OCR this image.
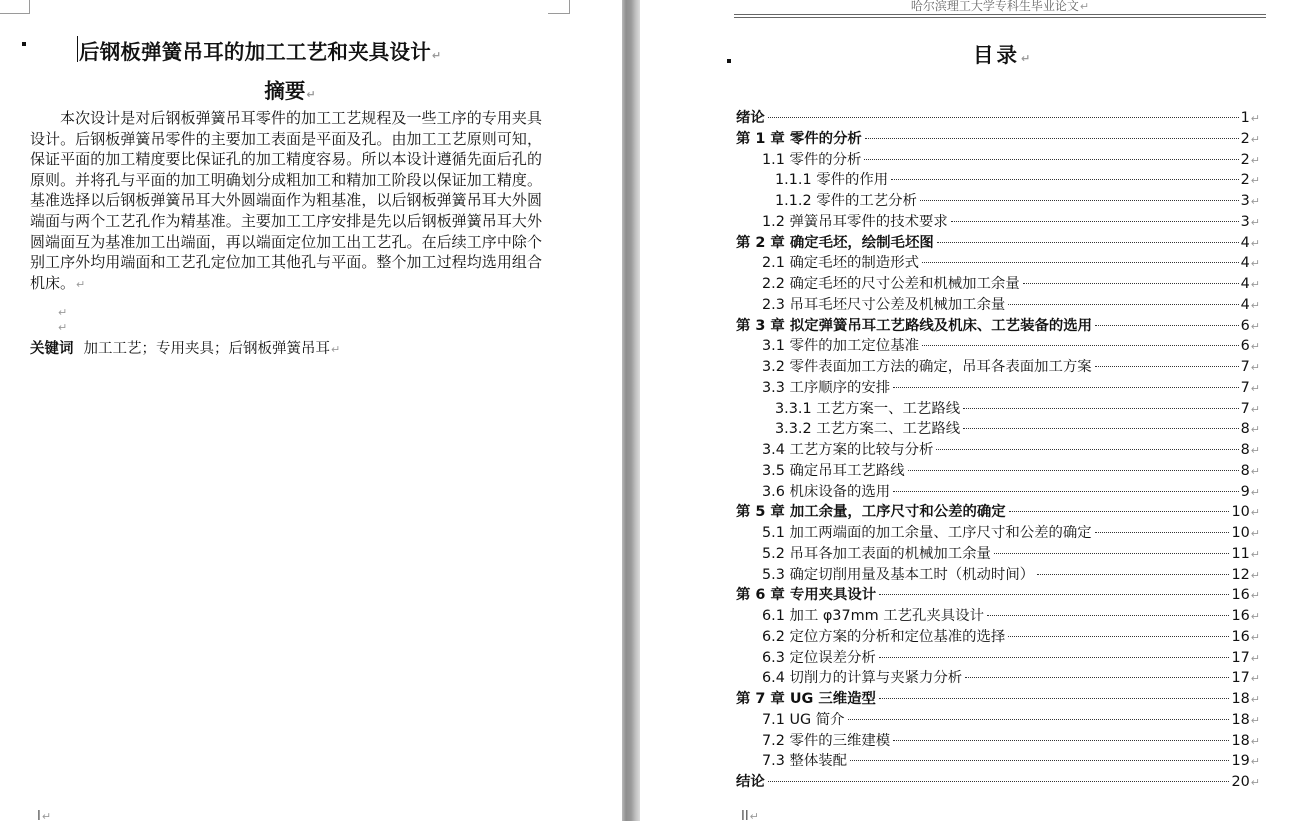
后钢板弹簧吊耳的加工工艺和夹具设计↵
摘要↵
本次设计是对后钢板弹簧吊耳零件的加工工艺规程及一些工序的专用夹具设计。后钢板弹簧吊零件的主要加工表面是平面及孔。由加工工艺原则可知，保证平面的加工精度要比保证孔的加工精度容易。所以本设计遵循先面后孔的原则。并将孔与平面的加工明确划分成粗加工和精加工阶段以保证加工精度。基准选择以后钢板弹簧吊耳大外圆端面作为粗基准，以后钢板弹簧吊耳大外圆端面与两个工艺孔作为精基准。主要加工工序安排是先以后钢板弹簧吊耳大外圆端面互为基准加工出端面，再以端面定位加工出工艺孔。在后续工序中除个别工序外均用端面和工艺孔定位加工其他孔与平面。整个加工过程均选用组合机床。↵
↵
↵
关键词 加工工艺；专用夹具；后钢板弹簧吊耳↵
I↵
哈尔滨理工大学专科生毕业论文↵
目录↵
绪论	1 ↵
第 1 章 零件的分析	2 ↵
1.1 零件的分析	2 ↵
1.1.1 零件的作用	2 ↵
1.1.2 零件的工艺分析	3 ↵
1.2 弹簧吊耳零件的技术要求	3 ↵
第 2 章 确定毛坯，绘制毛坯图	4 ↵
2.1 确定毛坯的制造形式	4 ↵
2.2 确定毛坯的尺寸公差和机械加工余量	4 ↵
2.3 吊耳毛坯尺寸公差及机械加工余量	4 ↵
第 3 章 拟定弹簧吊耳工艺路线及机床、工艺装备的选用	6 ↵
3.1 零件的加工定位基准	6 ↵
3.2 零件表面加工方法的确定，吊耳各表面加工方案	7 ↵
3.3 工序顺序的安排	7 ↵
3.3.1 工艺方案一、工艺路线	7 ↵
3.3.2 工艺方案二、工艺路线	8 ↵
3.4 工艺方案的比较与分析	8 ↵
3.5 确定吊耳工艺路线	8 ↵
3.6 机床设备的选用	9 ↵
第 5 章 加工余量，工序尺寸和公差的确定	10 ↵
5.1 加工两端面的加工余量、工序尺寸和公差的确定	10 ↵
5.2 吊耳各加工表面的机械加工余量	11 ↵
5.3 确定切削用量及基本工时（机动时间）	12 ↵
第 6 章 专用夹具设计	16 ↵
6.1 加工 φ37mm 工艺孔夹具设计	16 ↵
6.2 定位方案的分析和定位基准的选择	16 ↵
6.3 定位误差分析	17 ↵
6.4 切削力的计算与夹紧力分析	17 ↵
第 7 章 UG 三维造型	18 ↵
7.1 UG 简介	18 ↵
7.2 零件的三维建模	18 ↵
7.3 整体装配	19 ↵
结论	20 ↵
II↵
